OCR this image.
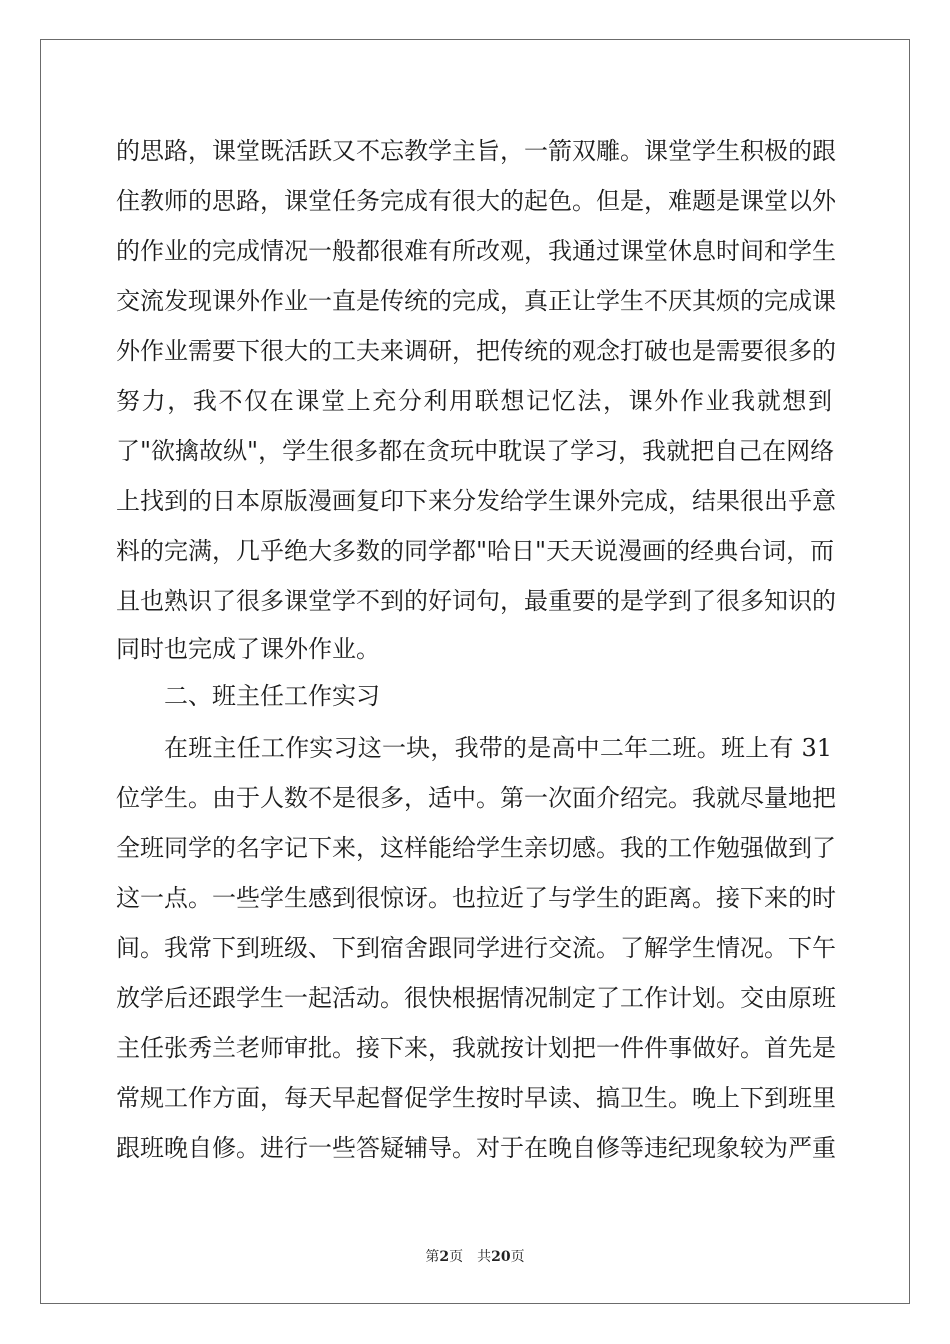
的思路，课堂既活跃又不忘教学主旨，一箭双雕。课堂学生积极的跟
住教师的思路，课堂任务完成有很大的起色。但是，难题是课堂以外
的作业的完成情况一般都很难有所改观，我通过课堂休息时间和学生
交流发现课外作业一直是传统的完成，真正让学生不厌其烦的完成课
外作业需要下很大的工夫来调研，把传统的观念打破也是需要很多的
努力，我不仅在课堂上充分利用联想记忆法，课外作业我就想到
了"欲擒故纵"，学生很多都在贪玩中耽误了学习，我就把自己在网络
上找到的日本原版漫画复印下来分发给学生课外完成，结果很出乎意
料的完满，几乎绝大多数的同学都"哈日"天天说漫画的经典台词，而
且也熟识了很多课堂学不到的好词句，最重要的是学到了很多知识的
同时也完成了课外作业。
二、班主任工作实习
在班主任工作实习这一块，我带的是高中二年二班。班上有 31
位学生。由于人数不是很多，适中。第一次面介绍完。我就尽量地把
全班同学的名字记下来，这样能给学生亲切感。我的工作勉强做到了
这一点。一些学生感到很惊讶。也拉近了与学生的距离。接下来的时
间。我常下到班级、下到宿舍跟同学进行交流。了解学生情况。下午
放学后还跟学生一起活动。很快根据情况制定了工作计划。交由原班
主任张秀兰老师审批。接下来，我就按计划把一件件事做好。首先是
常规工作方面，每天早起督促学生按时早读、搞卫生。晚上下到班里
跟班晚自修。进行一些答疑辅导。对于在晚自修等违纪现象较为严重
第2页 共20页
